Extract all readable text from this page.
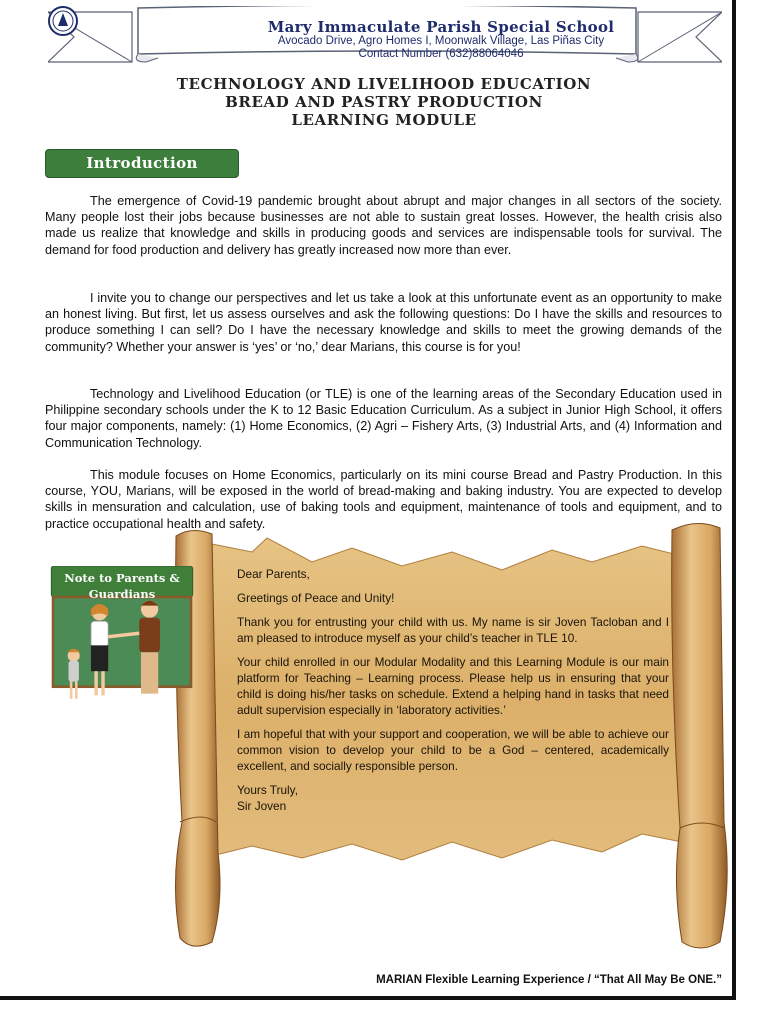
Mary Immaculate Parish Special School
Avocado Drive, Agro Homes I, Moonwalk Village, Las Piñas City
Contact Number (632)88064046
TECHNOLOGY AND LIVELIHOOD EDUCATION
BREAD AND PASTRY PRODUCTION
LEARNING MODULE
Introduction

The emergence of Covid-19 pandemic brought about abrupt and major changes in all sectors of the society. Many people lost their jobs because businesses are not able to sustain great losses. However, the health crisis also made us realize that knowledge and skills in producing goods and services are indispensable tools for survival. The demand for food production and delivery has greatly increased now more than ever.

I invite you to change our perspectives and let us take a look at this unfortunate event as an opportunity to make an honest living. But first, let us assess ourselves and ask the following questions: Do I have the skills and resources to produce something I can sell? Do I have the necessary knowledge and skills to meet the growing demands of the community? Whether your answer is ‘yes’ or ‘no,’ dear Marians, this course is for you!

Technology and Livelihood Education (or TLE) is one of the learning areas of the Secondary Education used in Philippine secondary schools under the K to 12 Basic Education Curriculum. As a subject in Junior High School, it offers four major components, namely: (1) Home Economics, (2) Agri – Fishery Arts, (3) Industrial Arts, and (4) Information and Communication Technology.

This module focuses on Home Economics, particularly on its mini course Bread and Pastry Production. In this course, YOU, Marians, will be exposed in the world of bread-making and baking industry. You are expected to develop skills in mensuration and calculation, use of baking tools and equipment, maintenance of tools and equipment, and to practice occupational health and safety.

Note to Parents & Guardians

Dear Parents,

Greetings of Peace and Unity!

Thank you for entrusting your child with us. My name is sir Joven Tacloban and I am pleased to introduce myself as your child’s teacher in TLE 10.

Your child enrolled in our Modular Modality and this Learning Module is our main platform for Teaching – Learning process. Please help us in ensuring that your child is doing his/her tasks on schedule. Extend a helping hand in tasks that need adult supervision especially in ‘laboratory activities.’

I am hopeful that with your support and cooperation, we will be able to achieve our common vision to develop your child to be a God – centered, academically excellent, and socially responsible person.

Yours Truly,

Sir Joven

MARIAN Flexible Learning Experience / “That All May Be ONE.”
